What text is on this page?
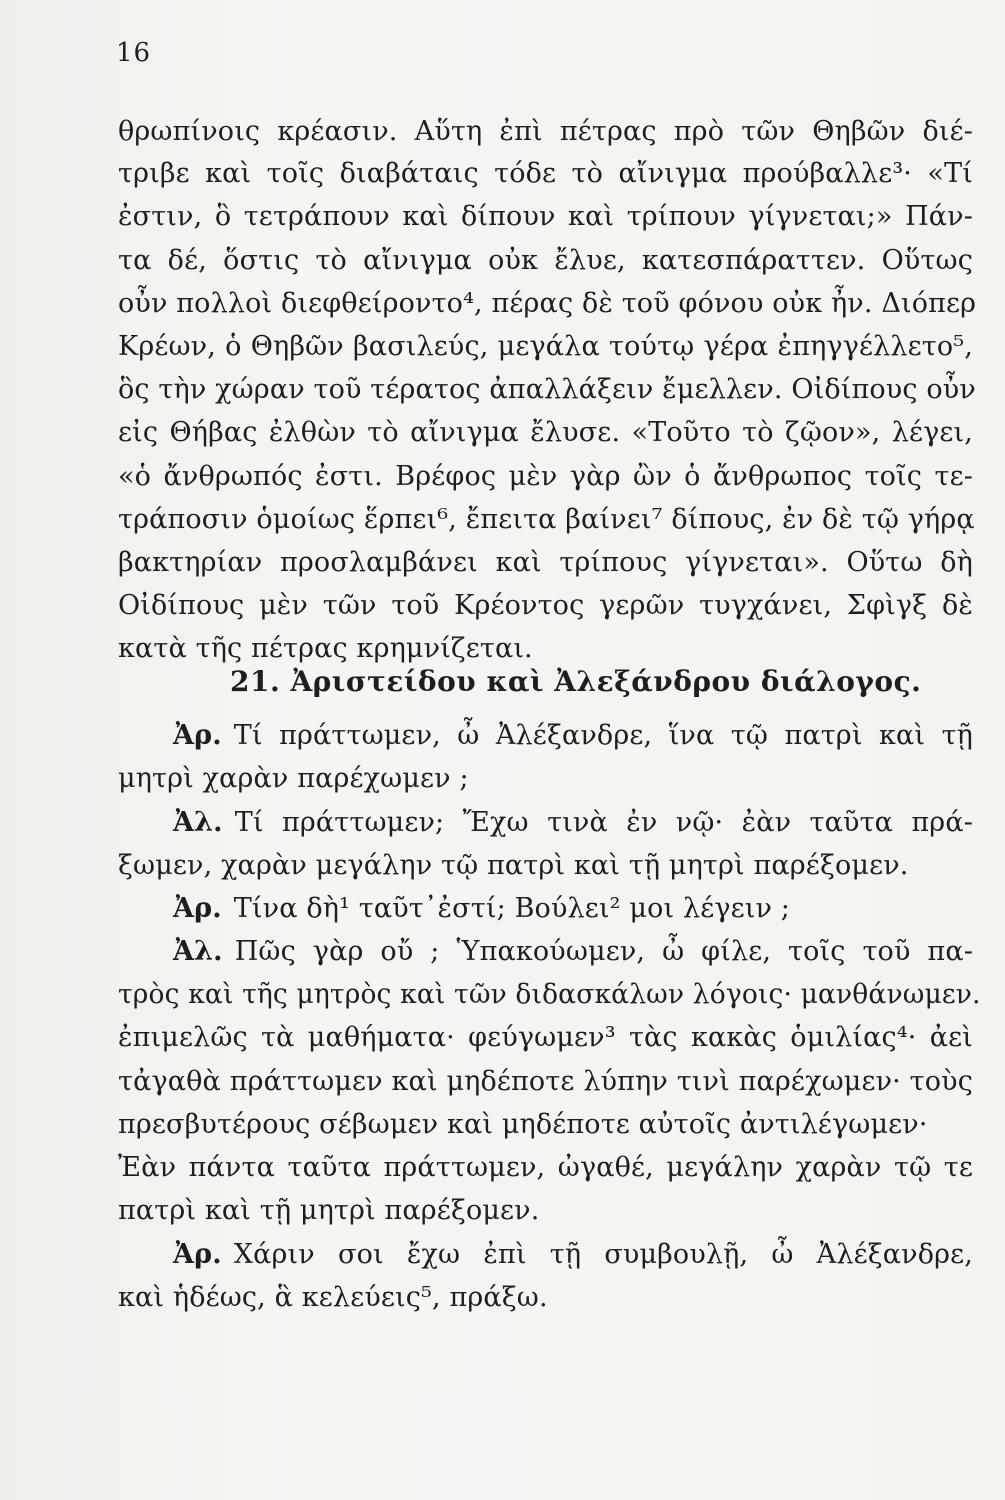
16
θρωπίνοις κρέασιν. Αὕτη ἐπὶ πέτρας πρὸ τῶν Θηβῶν διέ-
τριβε καὶ τοῖς διαβάταις τόδε τὸ αἴνιγμα προύβαλλε³· «Τί
ἐστιν, ὃ τετράπουν καὶ δίπουν καὶ τρίπουν γίγνεται;» Πάν-
τα δέ, ὅστις τὸ αἴνιγμα οὐκ ἔλυε, κατεσπάραττεν. Οὕτως
οὖν πολλοὶ διεφθείροντο⁴, πέρας δὲ τοῦ φόνου οὐκ ἦν. Διόπερ
Κρέων, ὁ Θηβῶν βασιλεύς, μεγάλα τούτῳ γέρα ἐπηγγέλλετο⁵,
ὃς τὴν χώραν τοῦ τέρατος ἀπαλλάξειν ἔμελλεν. Οἰδίπους οὖν
εἰς Θήβας ἐλθὼν τὸ αἴνιγμα ἔλυσε. «Τοῦτο τὸ ζῷον», λέγει,
«ὁ ἄνθρωπός ἐστι. Βρέφος μὲν γὰρ ὢν ὁ ἄνθρωπος τοῖς τε-
τράποσιν ὁμοίως ἕρπει⁶, ἔπειτα βαίνει⁷ δίπους, ἐν δὲ τῷ γήρᾳ
βακτηρίαν προσλαμβάνει καὶ τρίπους γίγνεται». Οὕτω δὴ
Οἰδίπους μὲν τῶν τοῦ Κρέοντος γερῶν τυγχάνει, Σφὶγξ δὲ
κατὰ τῆς πέτρας κρημνίζεται.
21. Ἀριστείδου καὶ Ἀλεξάνδρου διάλογος.
Ἀρ. Τί πράττωμεν, ὦ Ἀλέξανδρε, ἵνα τῷ πατρὶ καὶ τῇ
μητρὶ χαρὰν παρέχωμεν ;
Ἀλ. Τί πράττωμεν; Ἔχω τινὰ ἐν νῷ· ἐὰν ταῦτα πρά-
ξωμεν, χαρὰν μεγάλην τῷ πατρὶ καὶ τῇ μητρὶ παρέξομεν.
Ἀρ. Τίνα δὴ¹ ταῦτ᾽ἐστί; Βούλει² μοι λέγειν ;
Ἀλ. Πῶς γὰρ οὔ ; Ὑπακούωμεν, ὦ φίλε, τοῖς τοῦ πα-
τρὸς καὶ τῆς μητρὸς καὶ τῶν διδασκάλων λόγοις· μανθάνωμεν.
ἐπιμελῶς τὰ μαθήματα· φεύγωμεν³ τὰς κακὰς ὁμιλίας⁴· ἀεὶ
τἀγαθὰ πράττωμεν καὶ μηδέποτε λύπην τινὶ παρέχωμεν· τοὺς
πρεσβυτέρους σέβωμεν καὶ μηδέποτε αὐτοῖς ἀντιλέγωμεν·
Ἐὰν πάντα ταῦτα πράττωμεν, ὠγαθέ, μεγάλην χαρὰν τῷ τε
πατρὶ καὶ τῇ μητρὶ παρέξομεν.
Ἀρ. Χάριν σοι ἔχω ἐπὶ τῇ συμβουλῇ, ὦ Ἀλέξανδρε,
καὶ ἡδέως, ἃ κελεύεις⁵, πράξω.
